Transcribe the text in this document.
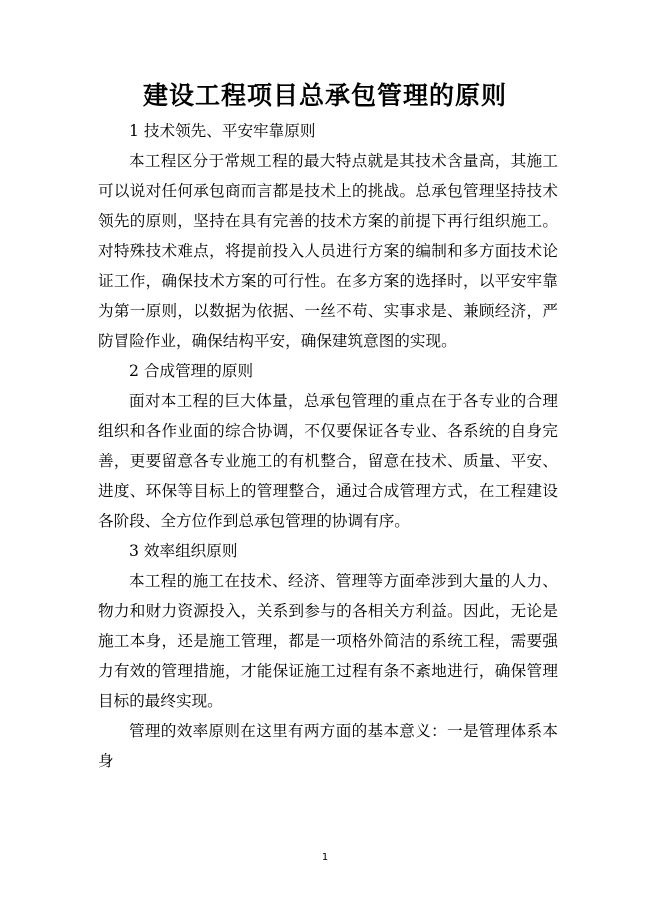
建设工程项目总承包管理的原则

1 技术领先、平安牢靠原则

本工程区分于常规工程的最大特点就是其技术含量高，其施工可以说对任何承包商而言都是技术上的挑战。总承包管理坚持技术领先的原则，坚持在具有完善的技术方案的前提下再行组织施工。对特殊技术难点，将提前投入人员进行方案的编制和多方面技术论证工作，确保技术方案的可行性。在多方案的选择时，以平安牢靠为第一原则，以数据为依据、一丝不苟、实事求是、兼顾经济，严防冒险作业，确保结构平安，确保建筑意图的实现。

2 合成管理的原则

面对本工程的巨大体量，总承包管理的重点在于各专业的合理组织和各作业面的综合协调，不仅要保证各专业、各系统的自身完善，更要留意各专业施工的有机整合，留意在技术、质量、平安、进度、环保等目标上的管理整合，通过合成管理方式，在工程建设各阶段、全方位作到总承包管理的协调有序。

3 效率组织原则

本工程的施工在技术、经济、管理等方面牵涉到大量的人力、物力和财力资源投入，关系到参与的各相关方利益。因此，无论是施工本身，还是施工管理，都是一项格外简洁的系统工程，需要强力有效的管理措施，才能保证施工过程有条不紊地进行，确保管理目标的最终实现。

管理的效率原则在这里有两方面的基本意义：一是管理体系本身

1
